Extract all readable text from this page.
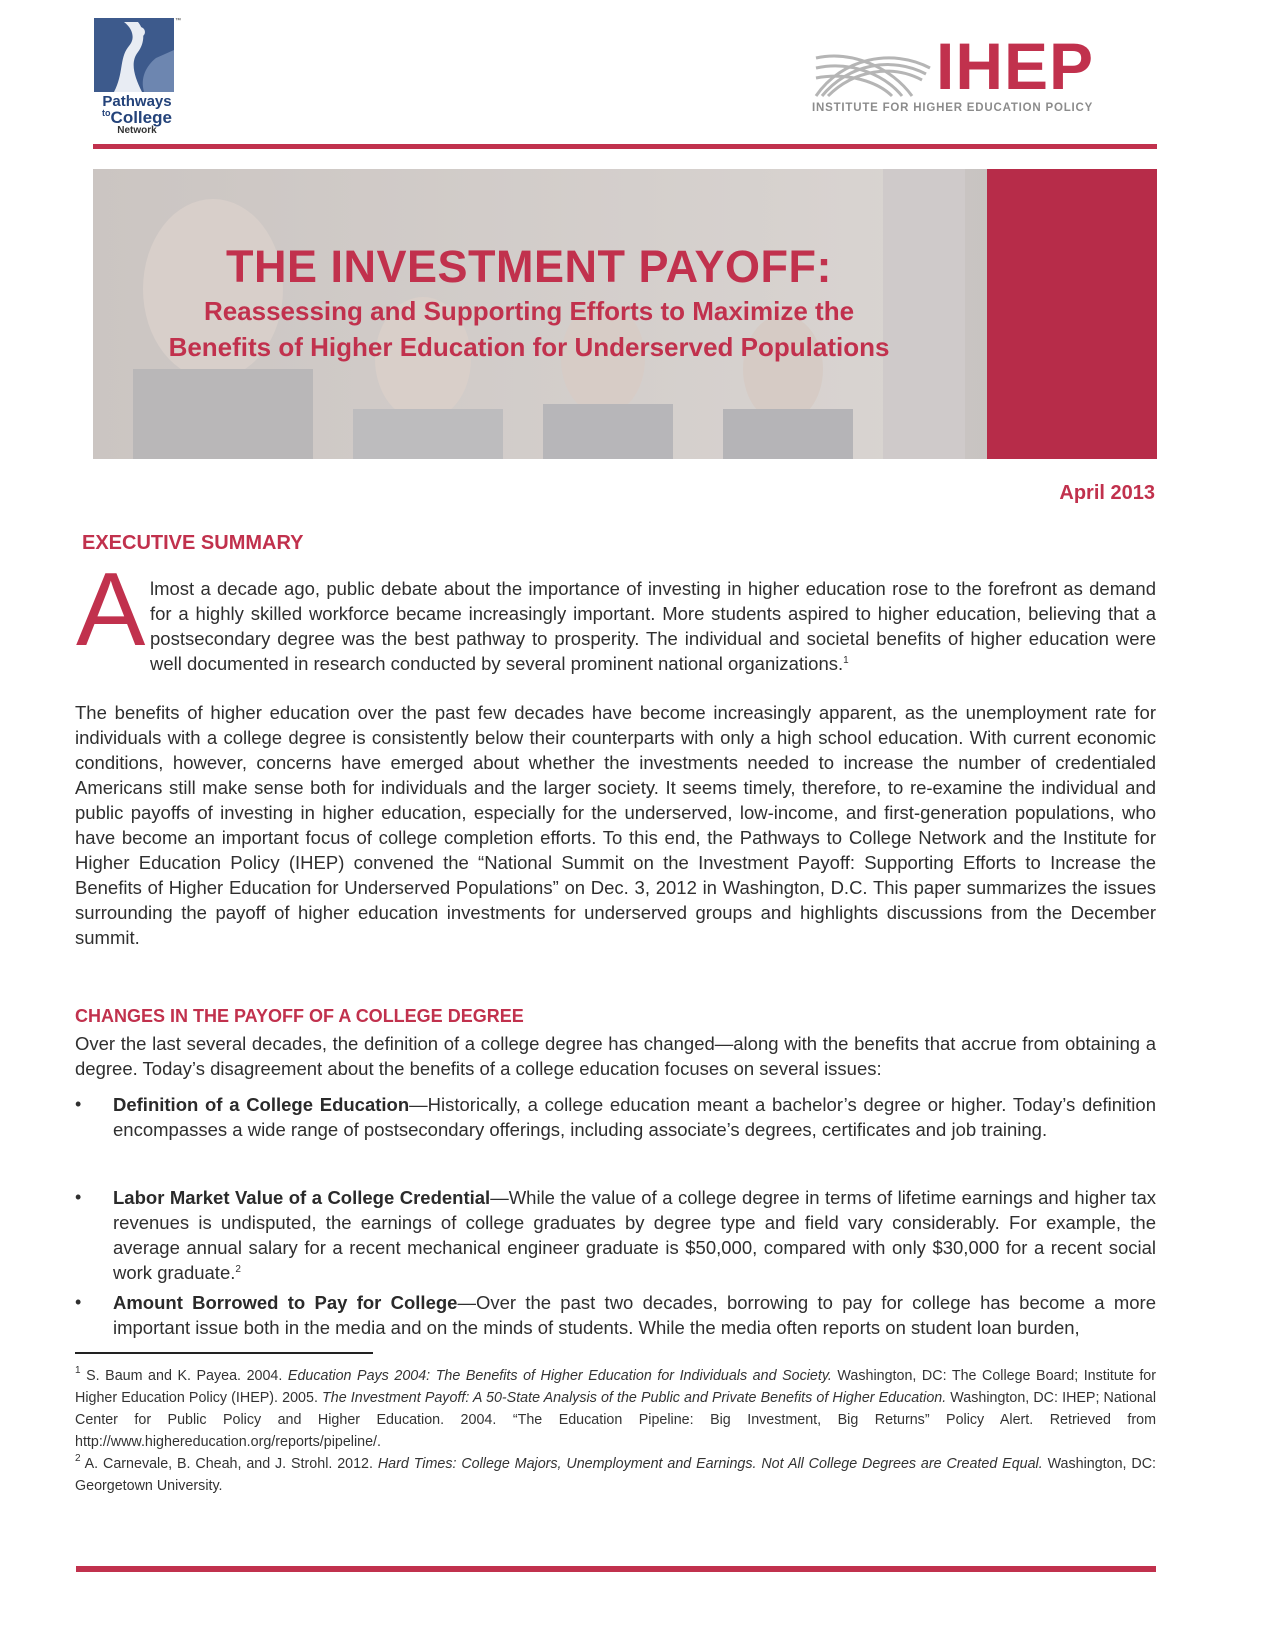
™
Pathways
$^{to}$College
Network
IHEP
INSTITUTE FOR HIGHER EDUCATION POLICY
THE INVESTMENT PAYOFF:
Reassessing and Supporting Efforts to Maximize the
Benefits of Higher Education for Underserved Populations
April 2013
EXECUTIVE SUMMARY
A lmost a decade ago, public debate about the importance of investing in higher education rose to the forefront as demand for a highly skilled workforce became increasingly important. More students aspired to higher education, believing that a postsecondary degree was the best pathway to prosperity. The individual and societal benefits of higher education were well documented in research conducted by several prominent national organizations.$^1$
The benefits of higher education over the past few decades have become increasingly apparent, as the unemployment rate for individuals with a college degree is consistently below their counterparts with only a high school education. With current economic conditions, however, concerns have emerged about whether the investments needed to increase the number of credentialed Americans still make sense both for individuals and the larger society. It seems timely, therefore, to re-examine the individual and public payoffs of investing in higher education, especially for the underserved, low-income, and first-generation populations, who have become an important focus of college completion efforts. To this end, the Pathways to College Network and the Institute for Higher Education Policy (IHEP) convened the “National Summit on the Investment Payoff: Supporting Efforts to Increase the Benefits of Higher Education for Underserved Populations” on Dec. 3, 2012 in Washington, D.C. This paper summarizes the issues surrounding the payoff of higher education investments for underserved groups and highlights discussions from the December summit.
CHANGES IN THE PAYOFF OF A COLLEGE DEGREE
Over the last several decades, the definition of a college degree has changed—along with the benefits that accrue from obtaining a degree. Today’s disagreement about the benefits of a college education focuses on several issues:
•	Definition of a College Education—Historically, a college education meant a bachelor’s degree or higher. Today’s definition encompasses a wide range of postsecondary offerings, including associate’s degrees, certificates and job training.
•	Labor Market Value of a College Credential—While the value of a college degree in terms of lifetime earnings and higher tax revenues is undisputed, the earnings of college graduates by degree type and field vary considerably. For example, the average annual salary for a recent mechanical engineer graduate is $50,000, compared with only $30,000 for a recent social work graduate.$^2$
•	Amount Borrowed to Pay for College—Over the past two decades, borrowing to pay for college has become a more important issue both in the media and on the minds of students. While the media often reports on student loan burden,
$^1$ S. Baum and K. Payea. 2004. Education Pays 2004: The Benefits of Higher Education for Individuals and Society. Washington, DC: The College Board; Institute for Higher Education Policy (IHEP). 2005. The Investment Payoff: A 50-State Analysis of the Public and Private Benefits of Higher Education. Washington, DC: IHEP; National Center for Public Policy and Higher Education. 2004. “The Education Pipeline: Big Investment, Big Returns” Policy Alert. Retrieved from http://www.highereducation.org/reports/pipeline/.
$^2$ A. Carnevale, B. Cheah, and J. Strohl. 2012. Hard Times: College Majors, Unemployment and Earnings. Not All College Degrees are Created Equal. Washington, DC: Georgetown University.
